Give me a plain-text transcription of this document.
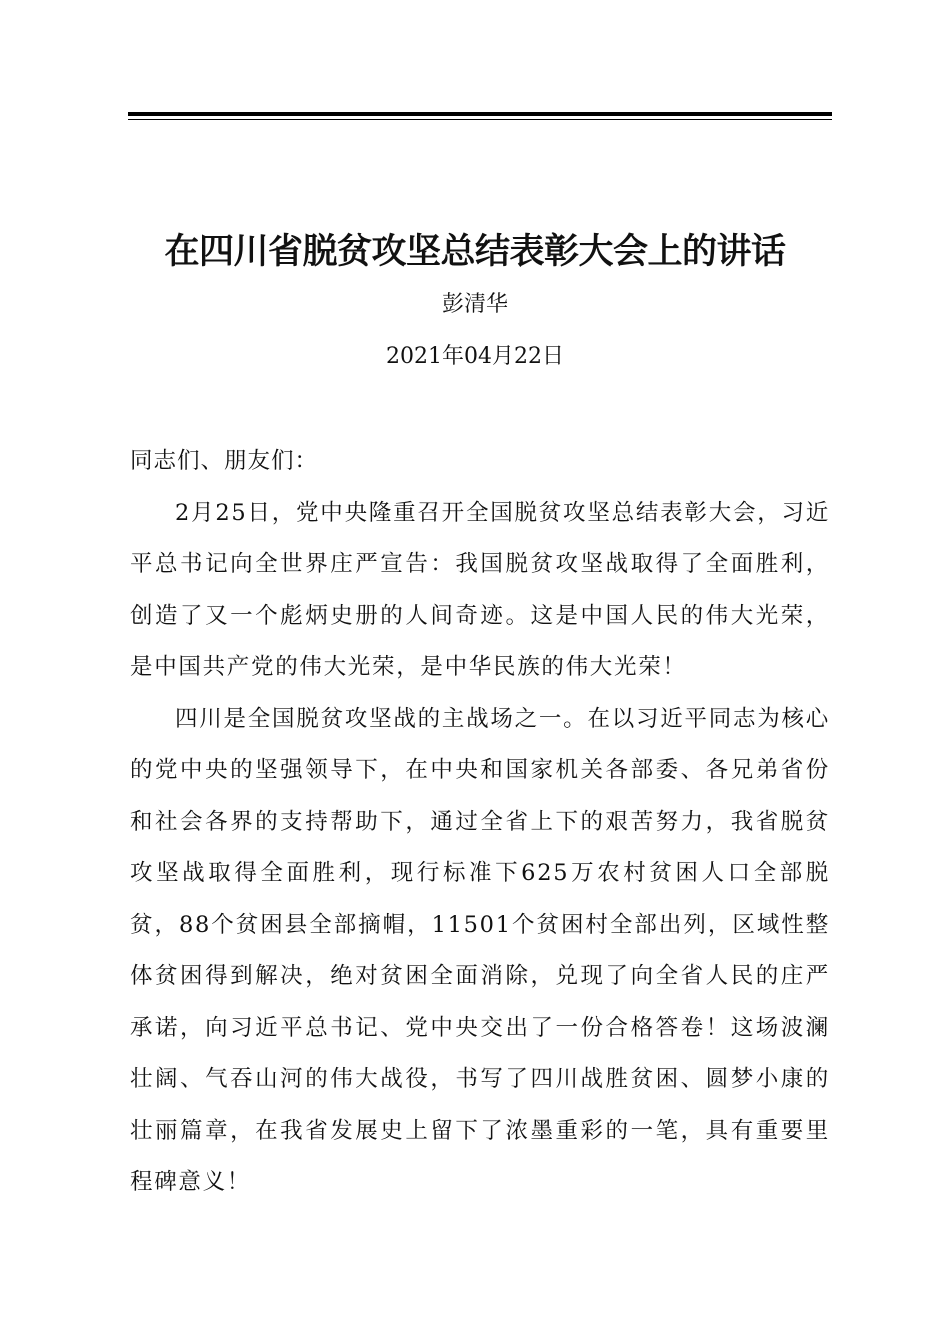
在四川省脱贫攻坚总结表彰大会上的讲话
彭清华
2021年04月22日

同志们、朋友们：

2月25日，党中央隆重召开全国脱贫攻坚总结表彰大会，习近平总书记向全世界庄严宣告：我国脱贫攻坚战取得了全面胜利，创造了又一个彪炳史册的人间奇迹。这是中国人民的伟大光荣，是中国共产党的伟大光荣，是中华民族的伟大光荣！

四川是全国脱贫攻坚战的主战场之一。在以习近平同志为核心的党中央的坚强领导下，在中央和国家机关各部委、各兄弟省份和社会各界的支持帮助下，通过全省上下的艰苦努力，我省脱贫攻坚战取得全面胜利，现行标准下625万农村贫困人口全部脱贫，88个贫困县全部摘帽，11501个贫困村全部出列，区域性整体贫困得到解决，绝对贫困全面消除，兑现了向全省人民的庄严承诺，向习近平总书记、党中央交出了一份合格答卷！这场波澜壮阔、气吞山河的伟大战役，书写了四川战胜贫困、圆梦小康的壮丽篇章，在我省发展史上留下了浓墨重彩的一笔，具有重要里程碑意义！
